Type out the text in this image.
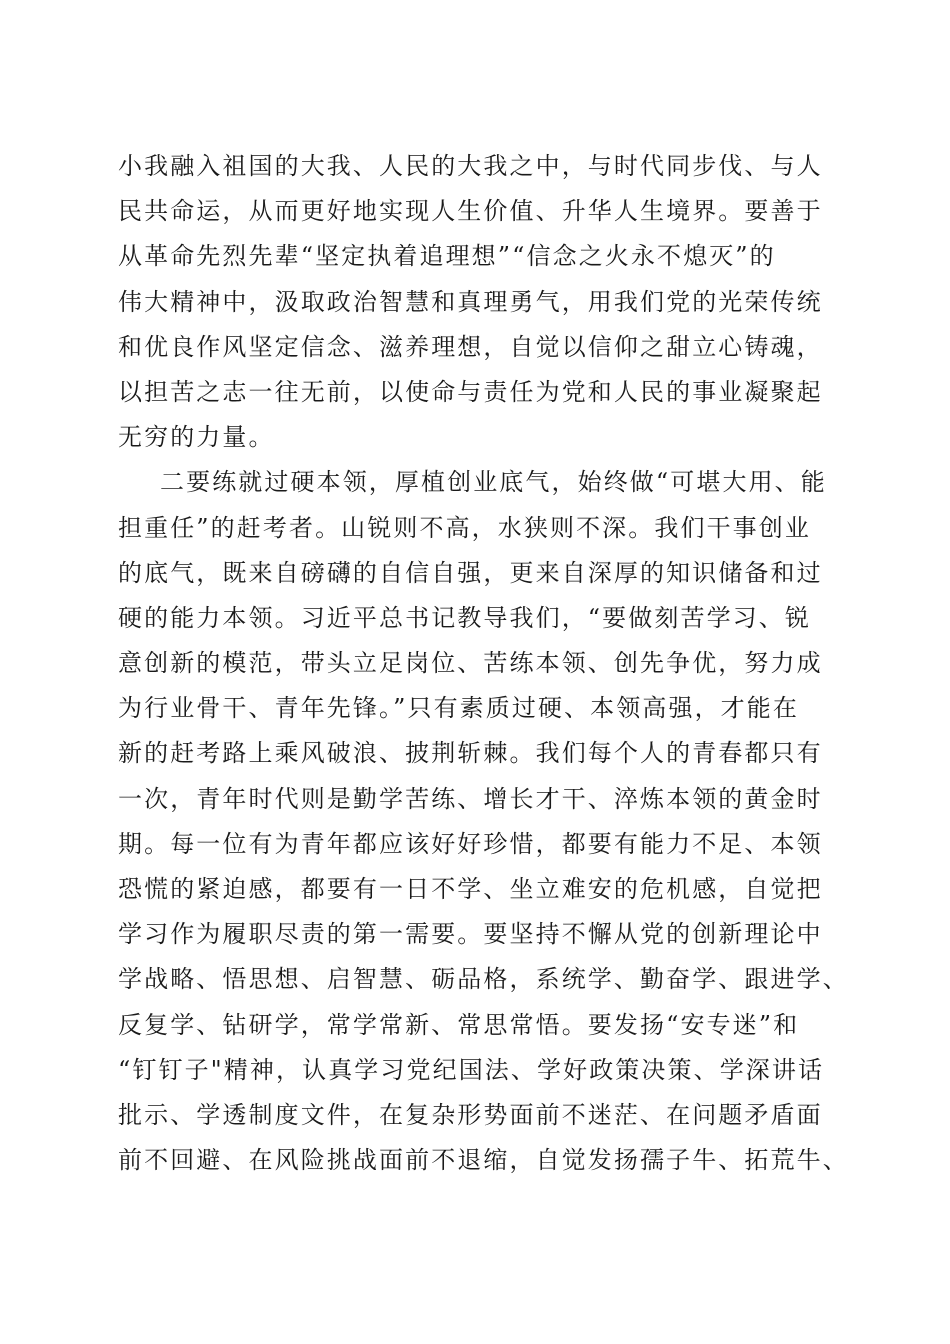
小我融入祖国的大我、人民的大我之中，与时代同步伐、与人
民共命运，从而更好地实现人生价值、升华人生境界。要善于
从革命先烈先辈“坚定执着追理想”“信念之火永不熄灭”的
伟大精神中，汲取政治智慧和真理勇气，用我们党的光荣传统
和优良作风坚定信念、滋养理想，自觉以信仰之甜立心铸魂，
以担苦之志一往无前，以使命与责任为党和人民的事业凝聚起
无穷的力量。
二要练就过硬本领，厚植创业底气，始终做“可堪大用、能
担重任”的赶考者。山锐则不高，水狭则不深。我们干事创业
的底气，既来自磅礴的自信自强，更来自深厚的知识储备和过
硬的能力本领。习近平总书记教导我们，“要做刻苦学习、锐
意创新的模范，带头立足岗位、苦练本领、创先争优，努力成
为行业骨干、青年先锋。”只有素质过硬、本领高强，才能在
新的赶考路上乘风破浪、披荆斩棘。我们每个人的青春都只有
一次，青年时代则是勤学苦练、增长才干、淬炼本领的黄金时
期。每一位有为青年都应该好好珍惜，都要有能力不足、本领
恐慌的紧迫感，都要有一日不学、坐立难安的危机感，自觉把
学习作为履职尽责的第一需要。要坚持不懈从党的创新理论中
学战略、悟思想、启智慧、砺品格，系统学、勤奋学、跟进学、
反复学、钻研学，常学常新、常思常悟。要发扬“安专迷”和
“钉钉子"精神，认真学习党纪国法、学好政策决策、学深讲话
批示、学透制度文件，在复杂形势面前不迷茫、在问题矛盾面
前不回避、在风险挑战面前不退缩，自觉发扬孺子牛、拓荒牛、
